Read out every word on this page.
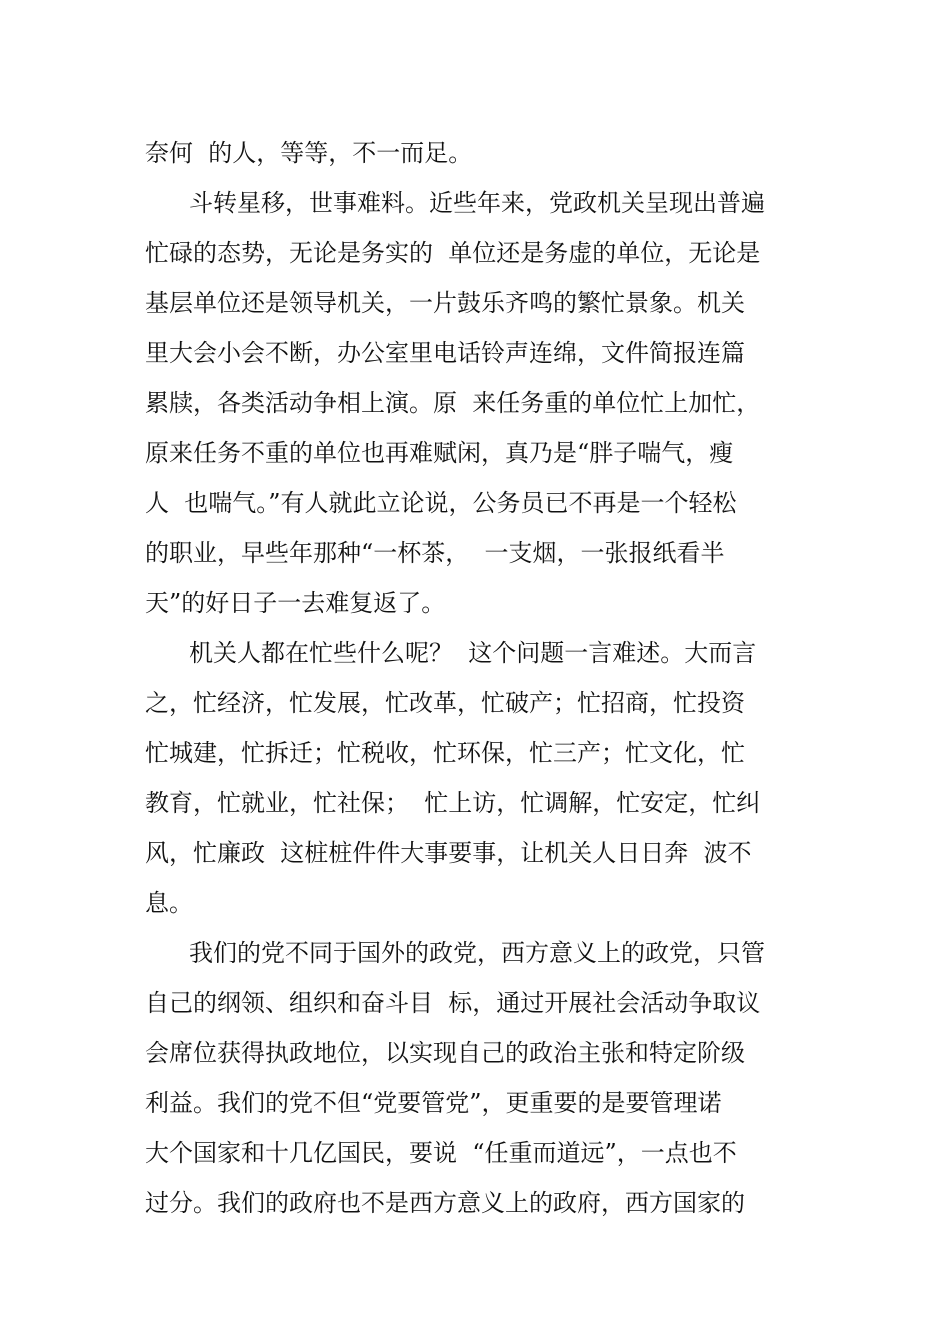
奈何  的人，等等，不一而足。
斗转星移，世事难料。近些年来，党政机关呈现出普遍
忙碌的态势，无论是务实的  单位还是务虚的单位，无论是
基层单位还是领导机关，一片鼓乐齐鸣的繁忙景象。机关
里大会小会不断，办公室里电话铃声连绵，文件简报连篇
累牍，各类活动争相上演。原  来任务重的单位忙上加忙，
原来任务不重的单位也再难赋闲，真乃是“胖子喘气，瘦
人  也喘气。”有人就此立论说，公务员已不再是一个轻松
的职业，早些年那种“一杯茶，  一支烟，一张报纸看半
天”的好日子一去难复返了。
机关人都在忙些什么呢？  这个问题一言难述。大而言
之，忙经济，忙发展，忙改革，忙破产；忙招商，忙投资
忙城建，忙拆迁；忙税收，忙环保，忙三产；忙文化，忙
教育，忙就业，忙社保；  忙上访，忙调解，忙安定，忙纠
风，忙廉政  这桩桩件件大事要事，让机关人日日奔  波不
息。
我们的党不同于国外的政党，西方意义上的政党，只管
自己的纲领、组织和奋斗目  标，通过开展社会活动争取议
会席位获得执政地位，以实现自己的政治主张和特定阶级
利益。我们的党不但“党要管党”，更重要的是要管理诺
大个国家和十几亿国民，要说  “任重而道远”，一点也不
过分。我们的政府也不是西方意义上的政府，西方国家的
